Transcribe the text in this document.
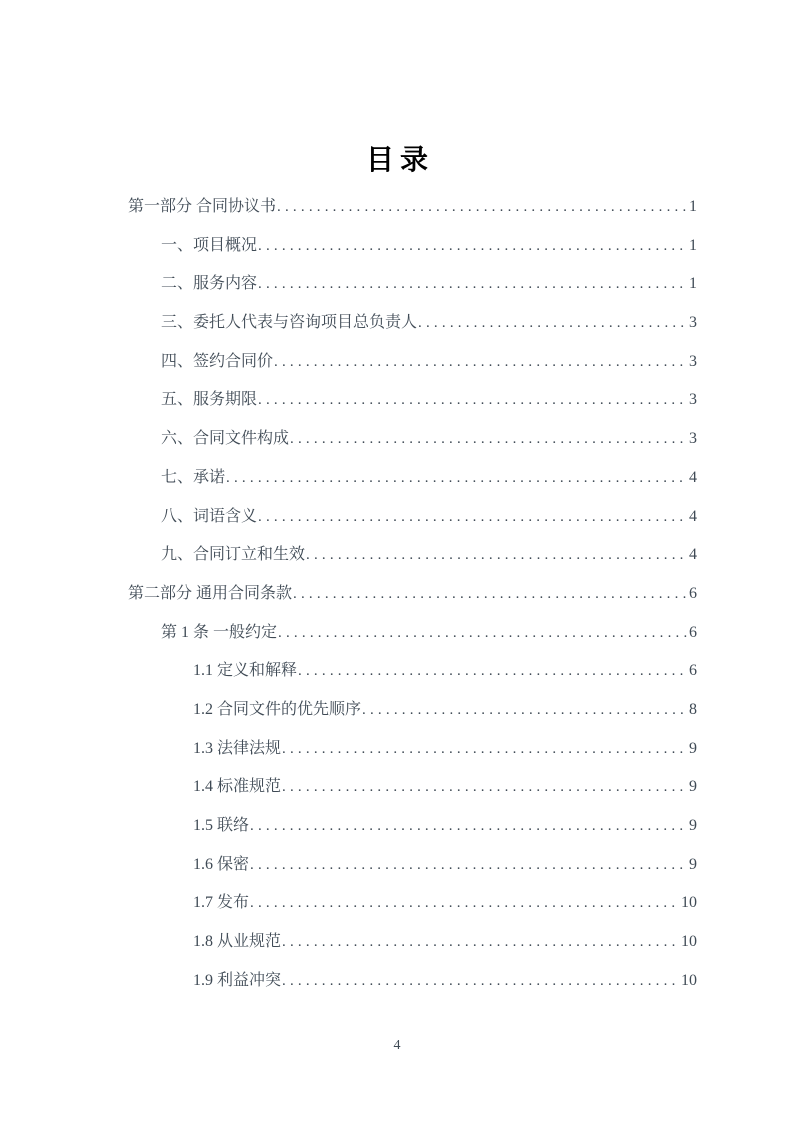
目录
第一部分 合同协议书 .....	1
一、项目概况 .....	1
二、服务内容 .....	1
三、委托人代表与咨询项目总负责人 .....	3
四、签约合同价 .....	3
五、服务期限 .....	3
六、合同文件构成 .....	3
七、承诺 .....	4
八、词语含义 .....	4
九、合同订立和生效 .....	4
第二部分 通用合同条款 .....	6
第 1 条 一般约定 .....	6
1.1 定义和解释 .....	6
1.2 合同文件的优先顺序 .....	8
1.3 法律法规 .....	9
1.4 标准规范 .....	9
1.5 联络 .....	9
1.6 保密 .....	9
1.7 发布 .....	10
1.8 从业规范 .....	10
1.9 利益冲突 .....	10
4
